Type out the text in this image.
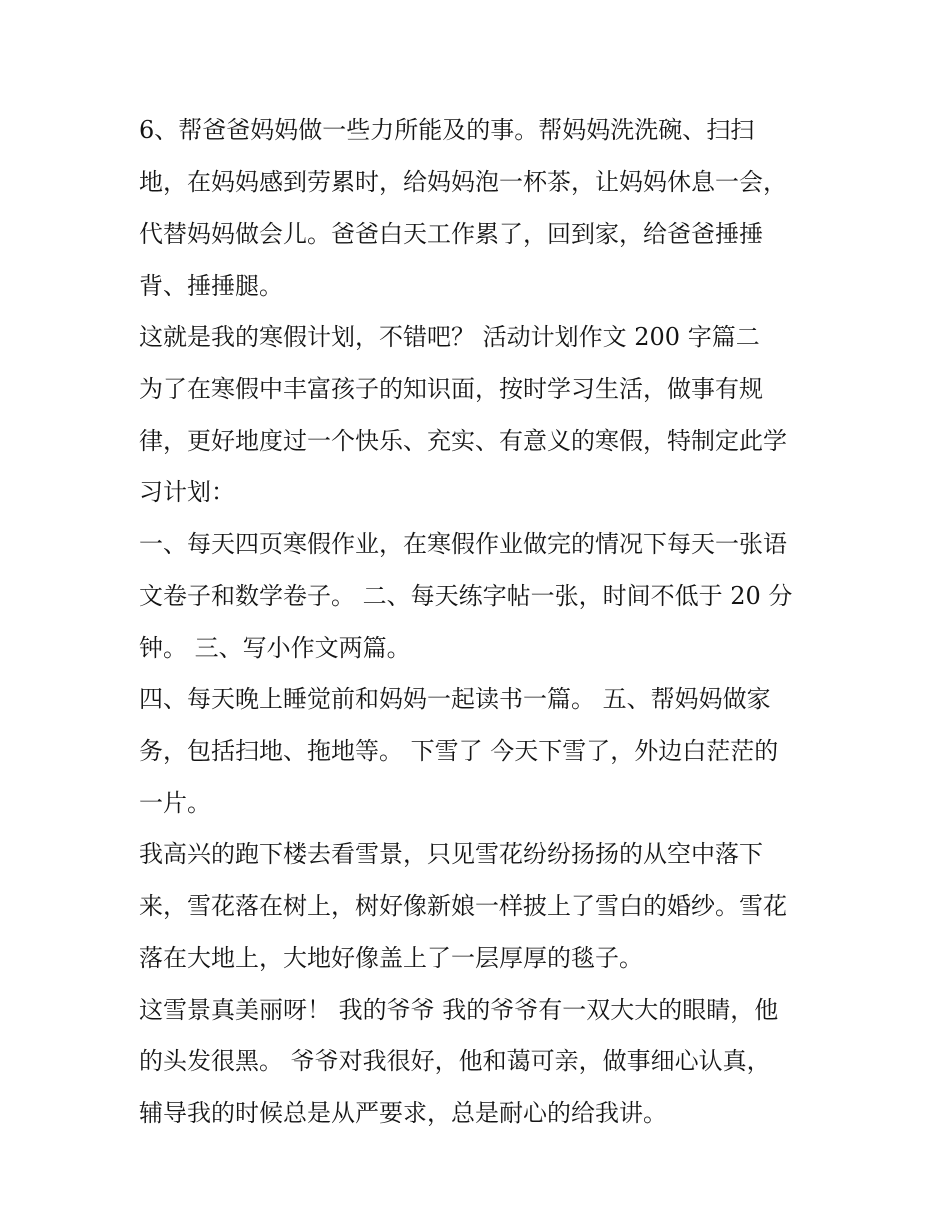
6、帮爸爸妈妈做一些力所能及的事。帮妈妈洗洗碗、扫扫
地，在妈妈感到劳累时，给妈妈泡一杯茶，让妈妈休息一会，
代替妈妈做会儿。爸爸白天工作累了，回到家，给爸爸捶捶
背、捶捶腿。
这就是我的寒假计划，不错吧？ 活动计划作文 200 字篇二
为了在寒假中丰富孩子的知识面，按时学习生活，做事有规
律，更好地度过一个快乐、充实、有意义的寒假，特制定此学
习计划：
一、每天四页寒假作业，在寒假作业做完的情况下每天一张语
文卷子和数学卷子。 二、每天练字帖一张，时间不低于 20 分
钟。 三、写小作文两篇。
四、每天晚上睡觉前和妈妈一起读书一篇。 五、帮妈妈做家
务，包括扫地、拖地等。 下雪了 今天下雪了，外边白茫茫的
一片。
我高兴的跑下楼去看雪景，只见雪花纷纷扬扬的从空中落下
来，雪花落在树上，树好像新娘一样披上了雪白的婚纱。雪花
落在大地上，大地好像盖上了一层厚厚的毯子。
这雪景真美丽呀！ 我的爷爷 我的爷爷有一双大大的眼睛，他
的头发很黑。 爷爷对我很好，他和蔼可亲，做事细心认真，
辅导我的时候总是从严要求，总是耐心的给我讲。
